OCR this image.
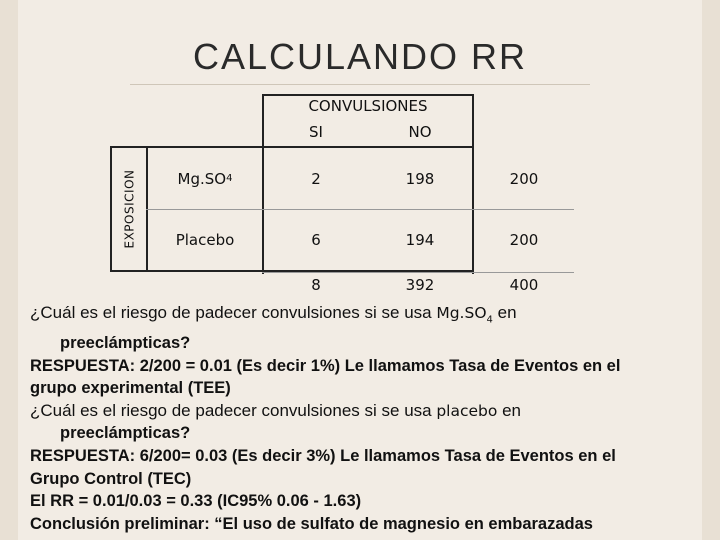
CALCULANDO RR
CONVULSIONES
SI	NO
EXPOSICION	Mg.SO 4	2	198	200
Placebo	6	194	200
8	392	400

¿Cuál es el riesgo de padecer convulsiones si se usa $Mg.SO_4$ en

preeclámpticas?

RESPUESTA: 2/200 = 0.01 (Es decir 1%) Le llamamos Tasa de Eventos en el

grupo experimental (TEE)

¿Cuál es el riesgo de padecer convulsiones si se usa placebo en

preeclámpticas?

RESPUESTA: 6/200= 0.03 (Es decir 3%) Le llamamos Tasa de Eventos en el

Grupo Control (TEC)

El RR = 0.01/0.03 = 0.33 (IC95% 0.06 - 1.63)

Conclusión preliminar: “El uso de sulfato de magnesio en embarazadas
